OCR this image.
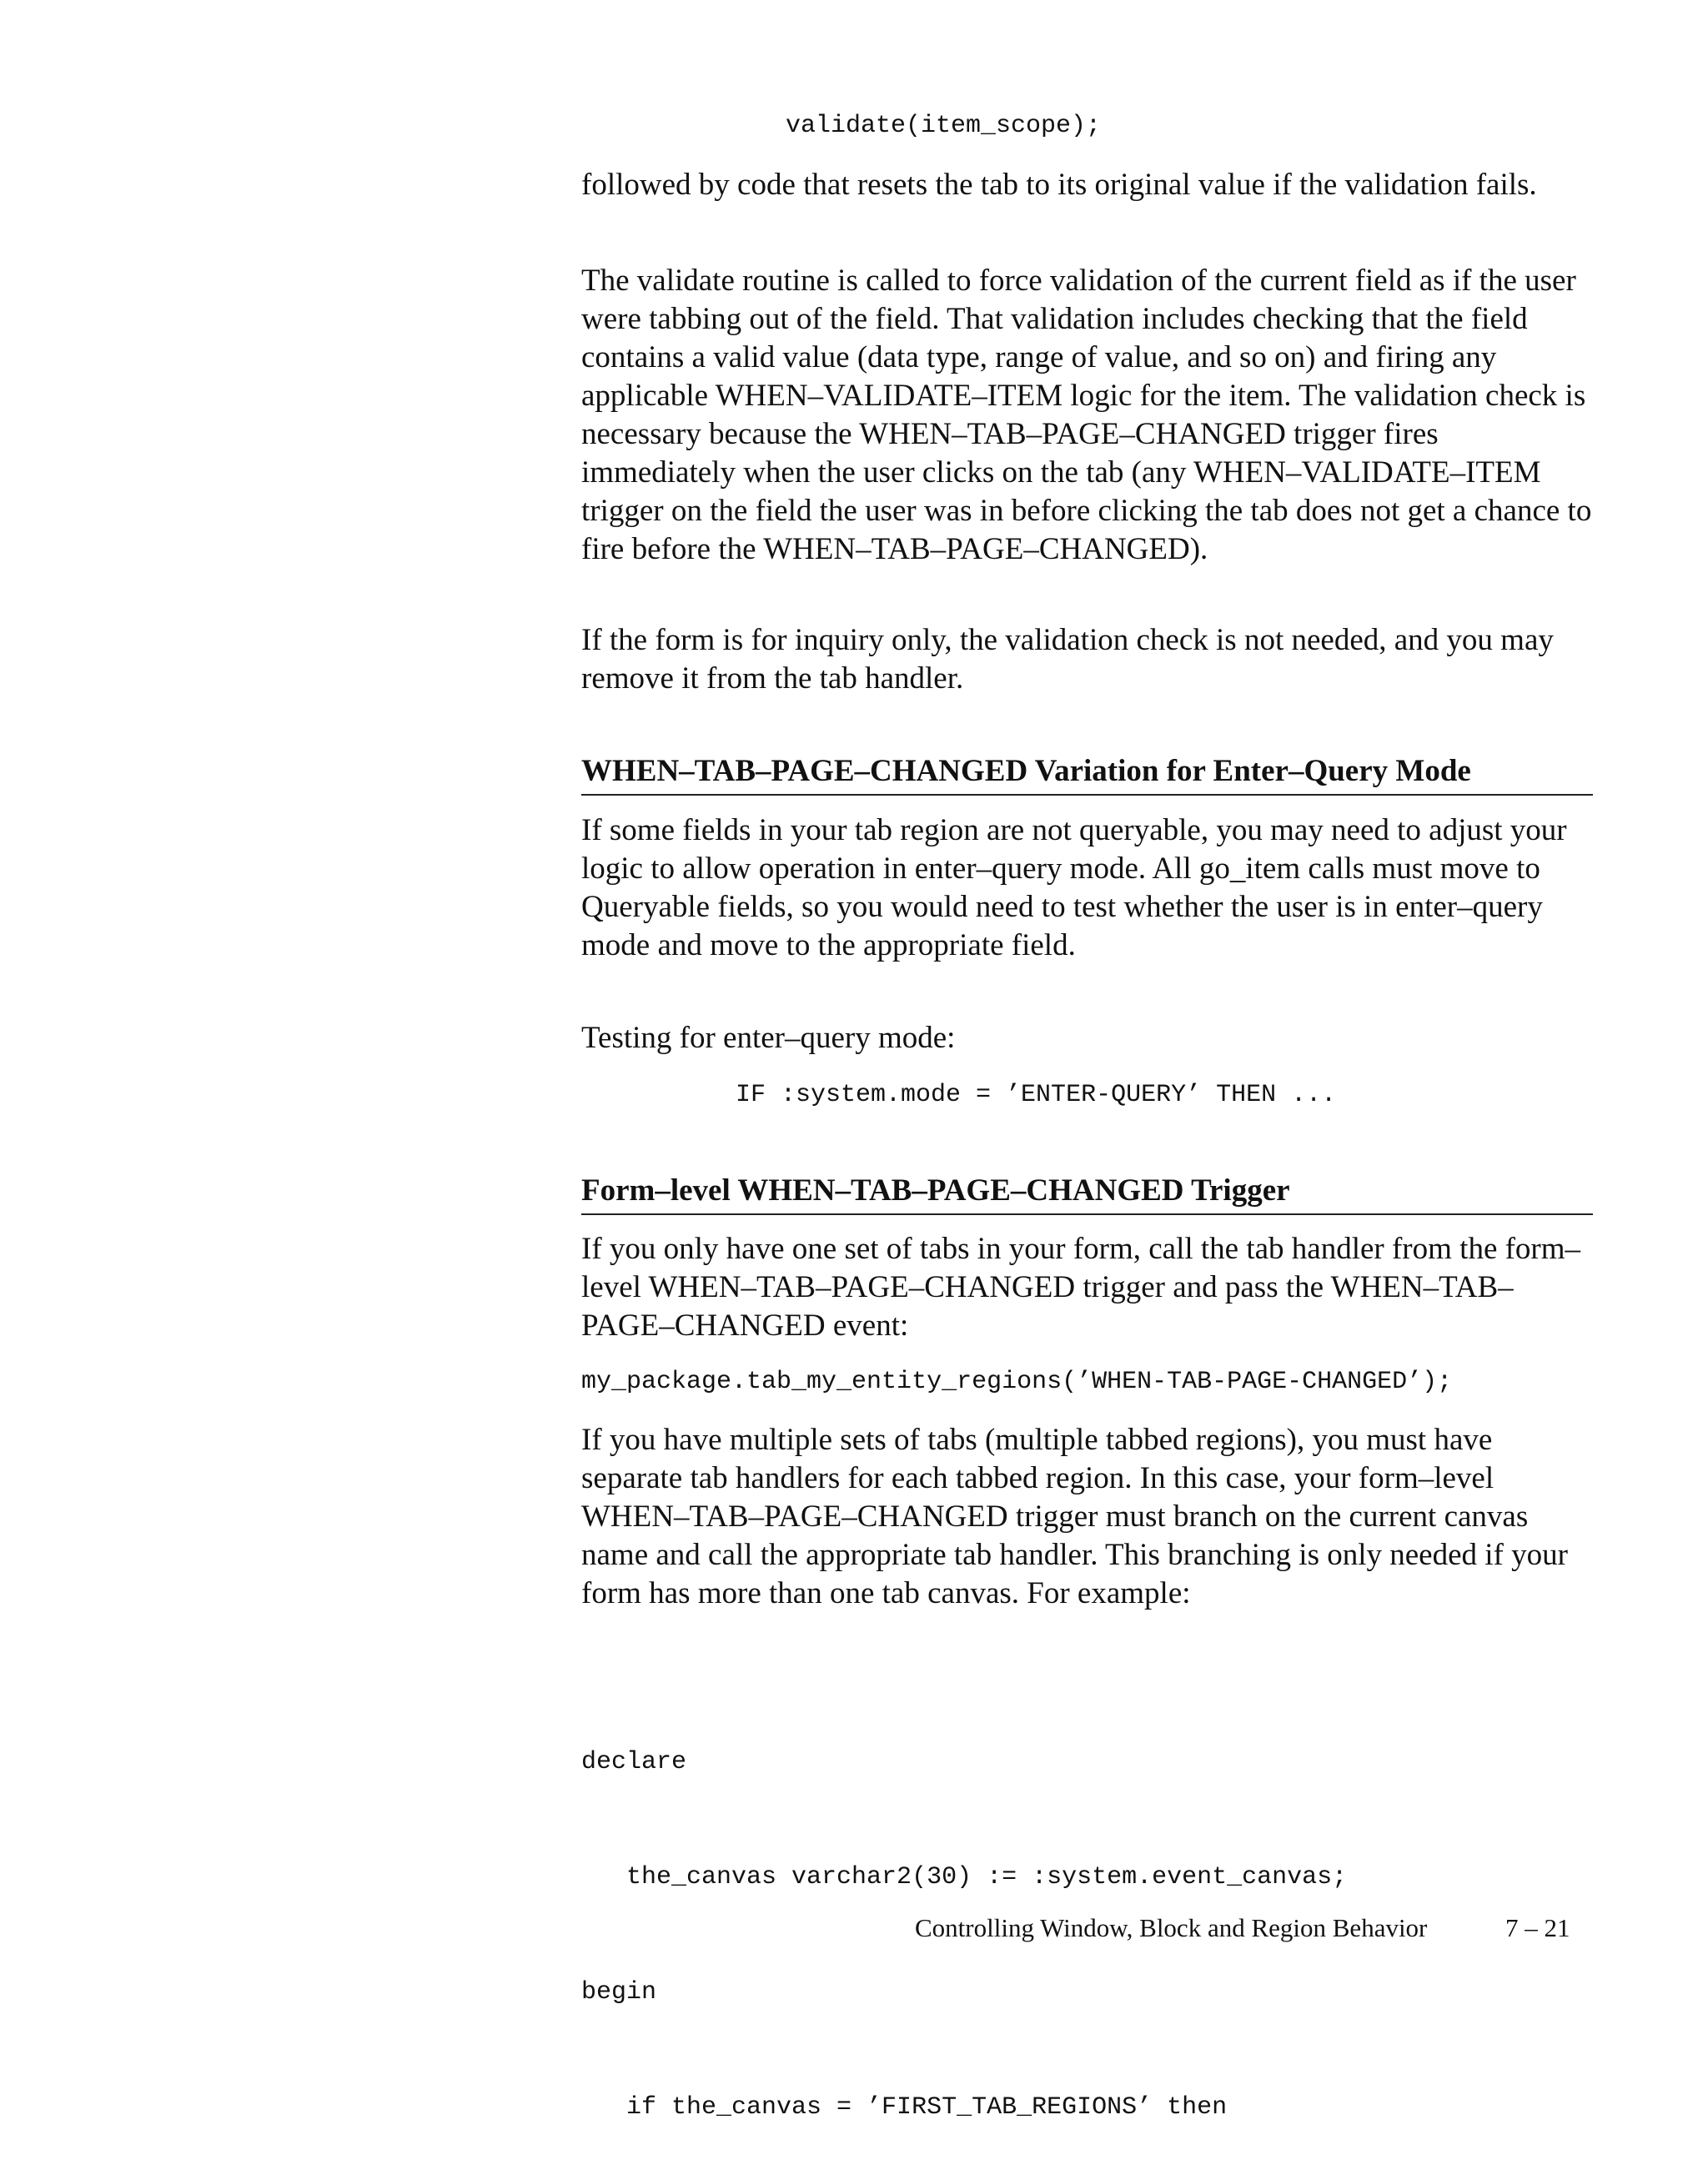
validate(item_scope);

followed by code that resets the tab to its original value if the validation fails.

The validate routine is called to force validation of the current field as if the user were tabbing out of the field. That validation includes checking that the field contains a valid value (data type, range of value, and so on) and firing any applicable WHEN–VALIDATE–ITEM logic for the item. The validation check is necessary because the WHEN–TAB–PAGE–CHANGED trigger fires immediately when the user clicks on the tab (any WHEN–VALIDATE–ITEM trigger on the field the user was in before clicking the tab does not get a chance to fire before the WHEN–TAB–PAGE–CHANGED).

If the form is for inquiry only, the validation check is not needed, and you may remove it from the tab handler.

WHEN–TAB–PAGE–CHANGED Variation for Enter–Query Mode

If some fields in your tab region are not queryable, you may need to adjust your logic to allow operation in enter–query mode. All go_item calls must move to Queryable fields, so you would need to test whether the user is in enter–query mode and move to the appropriate field.

Testing for enter–query mode:

IF :system.mode = ’ENTER-QUERY’ THEN ...
Form–level WHEN–TAB–PAGE–CHANGED Trigger

If you only have one set of tabs in your form, call the tab handler from the form–level WHEN–TAB–PAGE–CHANGED trigger and pass the WHEN–TAB–PAGE–CHANGED event:

my_package.tab_my_entity_regions(’WHEN-TAB-PAGE-CHANGED’);

If you have multiple sets of tabs (multiple tabbed regions), you must have separate tab handlers for each tabbed region. In this case, your form–level WHEN–TAB–PAGE–CHANGED trigger must branch on the current canvas name and call the appropriate tab handler. This branching is only needed if your form has more than one tab canvas. For example:

declare

the_canvas varchar2(30) := :system.event_canvas;

begin

if the_canvas = ’FIRST_TAB_REGIONS’ then

Controlling Window, Block and Region Behavior	7 – 21
